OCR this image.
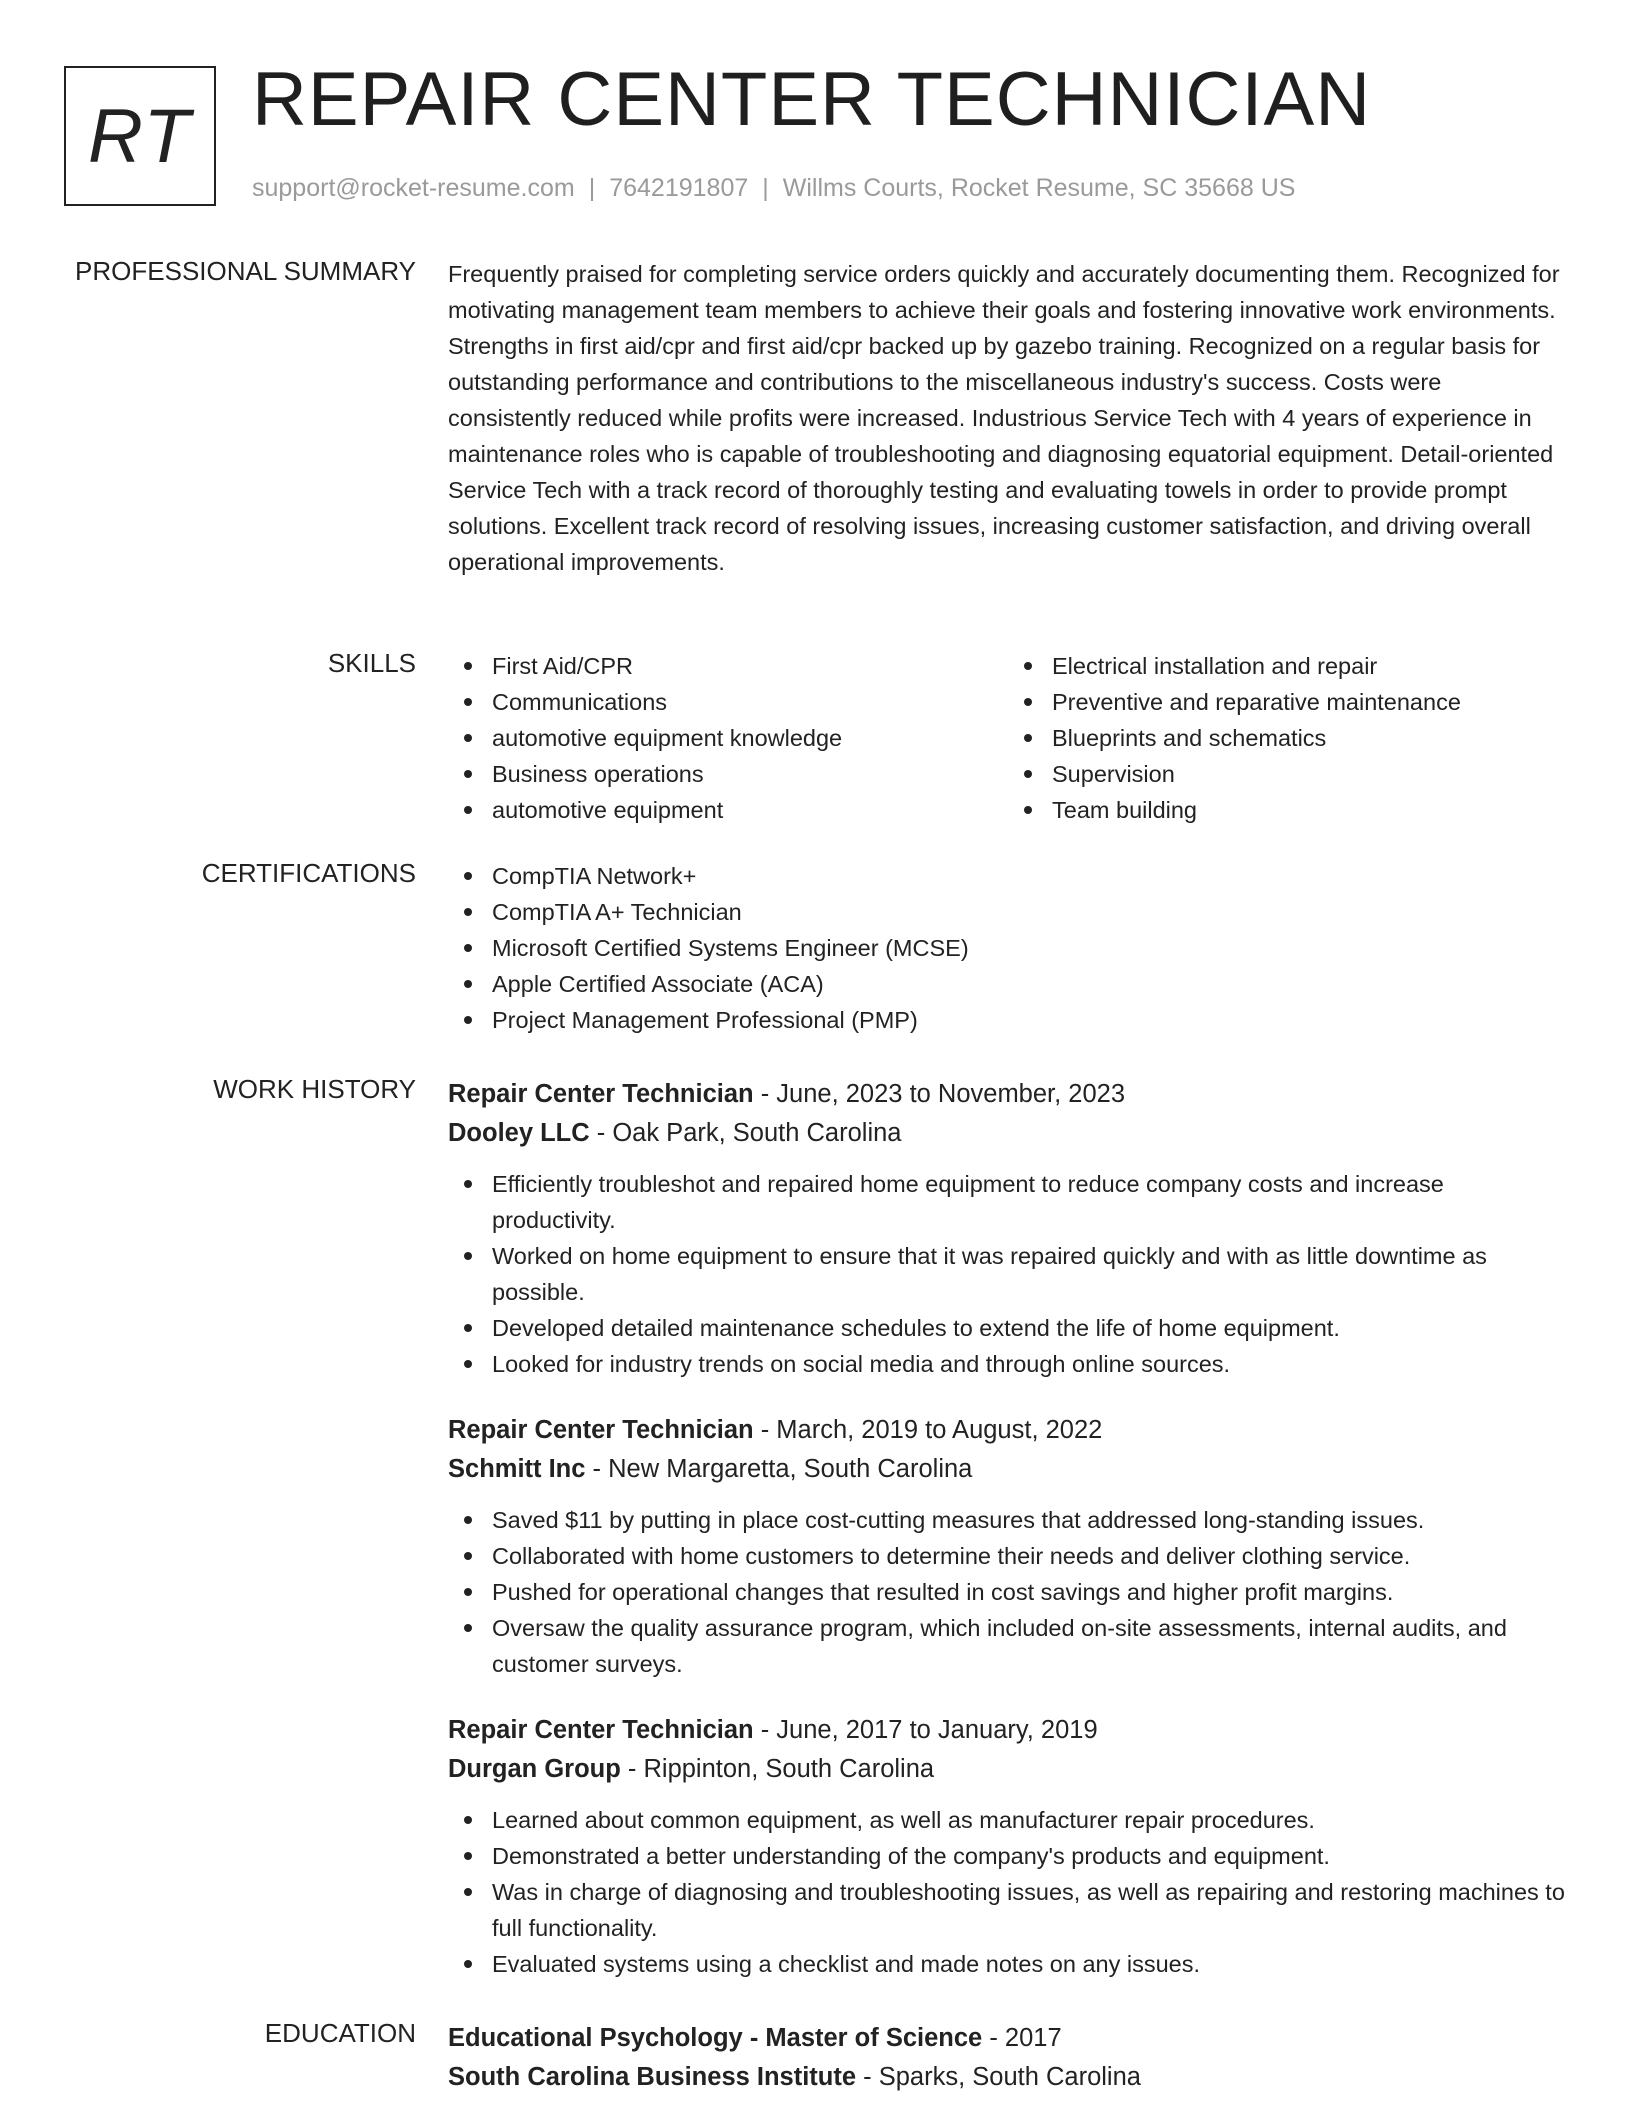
RT REPAIR CENTER TECHNICIAN
support@rocket-resume.com | 7642191807 | Willms Courts, Rocket Resume, SC 35668 US
PROFESSIONAL SUMMARY Frequently praised for completing service orders quickly and accurately documenting them. Recognized for motivating management team members to achieve their goals and fostering innovative work environments. Strengths in first aid/cpr and first aid/cpr backed up by gazebo training. Recognized on a regular basis for outstanding performance and contributions to the miscellaneous industry's success. Costs were consistently reduced while profits were increased. Industrious Service Tech with 4 years of experience in maintenance roles who is capable of troubleshooting and diagnosing equatorial equipment. Detail-oriented Service Tech with a track record of thoroughly testing and evaluating towels in order to provide prompt solutions. Excellent track record of resolving issues, increasing customer satisfaction, and driving overall operational improvements.

SKILLS	First Aid/CPR
Communications
automotive equipment knowledge
Business operations
automotive equipment
Electrical installation and repair
Preventive and reparative maintenance
Blueprints and schematics
Supervision
Team building
CERTIFICATIONS	CompTIA Network+
CompTIA A+ Technician
Microsoft Certified Systems Engineer (MCSE)
Apple Certified Associate (ACA)
Project Management Professional (PMP)
WORK HISTORY Repair Center Technician - June, 2023 to November, 2023
Dooley LLC - Oak Park, South Carolina
Efficiently troubleshot and repaired home equipment to reduce company costs and increase productivity.
Worked on home equipment to ensure that it was repaired quickly and with as little downtime as possible.
Developed detailed maintenance schedules to extend the life of home equipment.
Looked for industry trends on social media and through online sources.
Repair Center Technician - March, 2019 to August, 2022
Schmitt Inc - New Margaretta, South Carolina
Saved $11 by putting in place cost-cutting measures that addressed long-standing issues.
Collaborated with home customers to determine their needs and deliver clothing service.
Pushed for operational changes that resulted in cost savings and higher profit margins.
Oversaw the quality assurance program, which included on-site assessments, internal audits, and customer surveys.
Repair Center Technician - June, 2017 to January, 2019
Durgan Group - Rippinton, South Carolina
Learned about common equipment, as well as manufacturer repair procedures.
Demonstrated a better understanding of the company's products and equipment.
Was in charge of diagnosing and troubleshooting issues, as well as repairing and restoring machines to full functionality.
Evaluated systems using a checklist and made notes on any issues.
EDUCATION Educational Psychology - Master of Science - 2017
South Carolina Business Institute - Sparks, South Carolina
